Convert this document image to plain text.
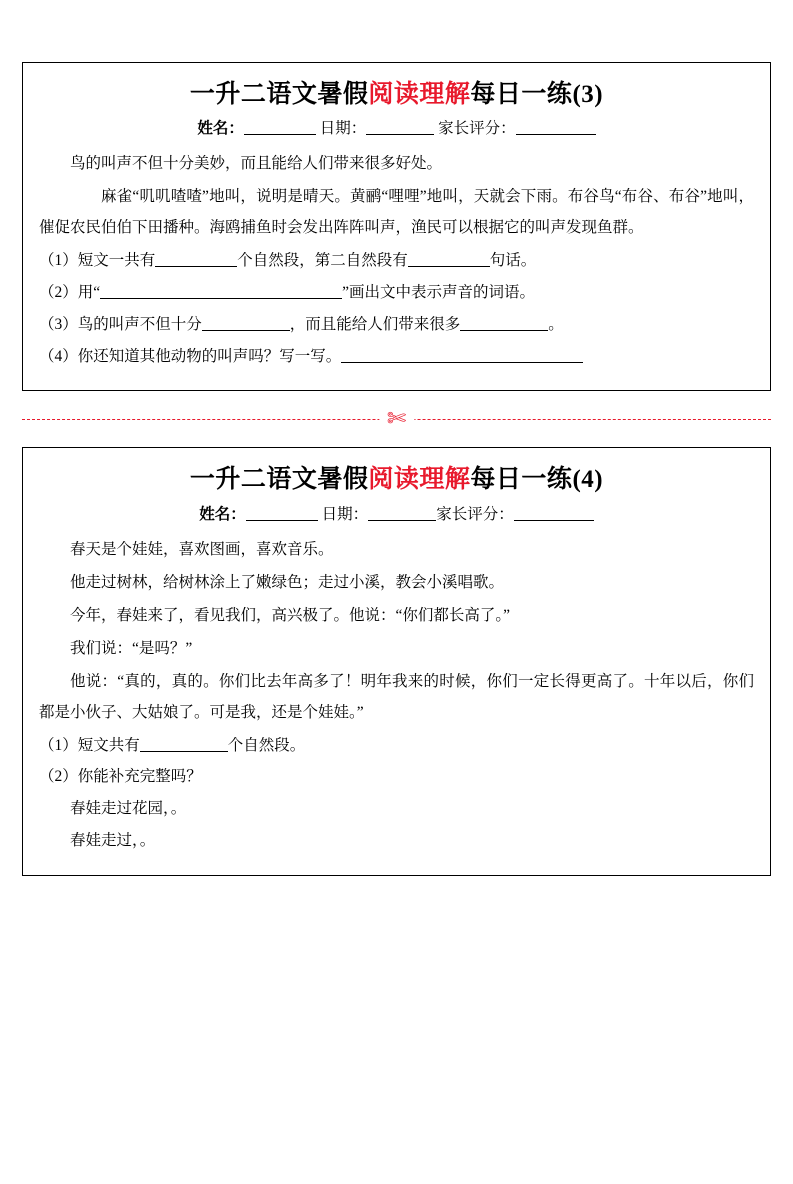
一升二语文暑假阅读理解每日一练(3)
姓名：	日期：	家长评分：

鸟的叫声不但十分美妙，而且能给人们带来很多好处。

麻雀“叽叽喳喳”地叫，说明是晴天。黄鹂“哩哩”地叫，天就会下雨。布谷鸟“布谷、布谷”地叫，催促农民伯伯下田播种。海鸥捕鱼时会发出阵阵叫声，渔民可以根据它的叫声发现鱼群。

（1）短文一共有	个自然段，第二自然段有	句话。

（2）用“	”画出文中表示声音的词语。

（3）鸟的叫声不但十分	，而且能给人们带来很多	。

（4）你还知道其他动物的叫声吗？写一写。

✄
一升二语文暑假阅读理解每日一练(4)
姓名：	日期：	家长评分：

春天是个娃娃，喜欢图画，喜欢音乐。

他走过树林，给树林涂上了嫩绿色；走过小溪，教会小溪唱歌。

今年，春娃来了，看见我们，高兴极了。他说：“你们都长高了。”

我们说：“是吗？”

他说：“真的，真的。你们比去年高多了！明年我来的时候，你们一定长得更高了。十年以后，你们都是小伙子、大姑娘了。可是我，还是个娃娃。”

（1）短文共有	个自然段。

（2）你能补充完整吗？

春娃走过花园，。

春娃走过，。
